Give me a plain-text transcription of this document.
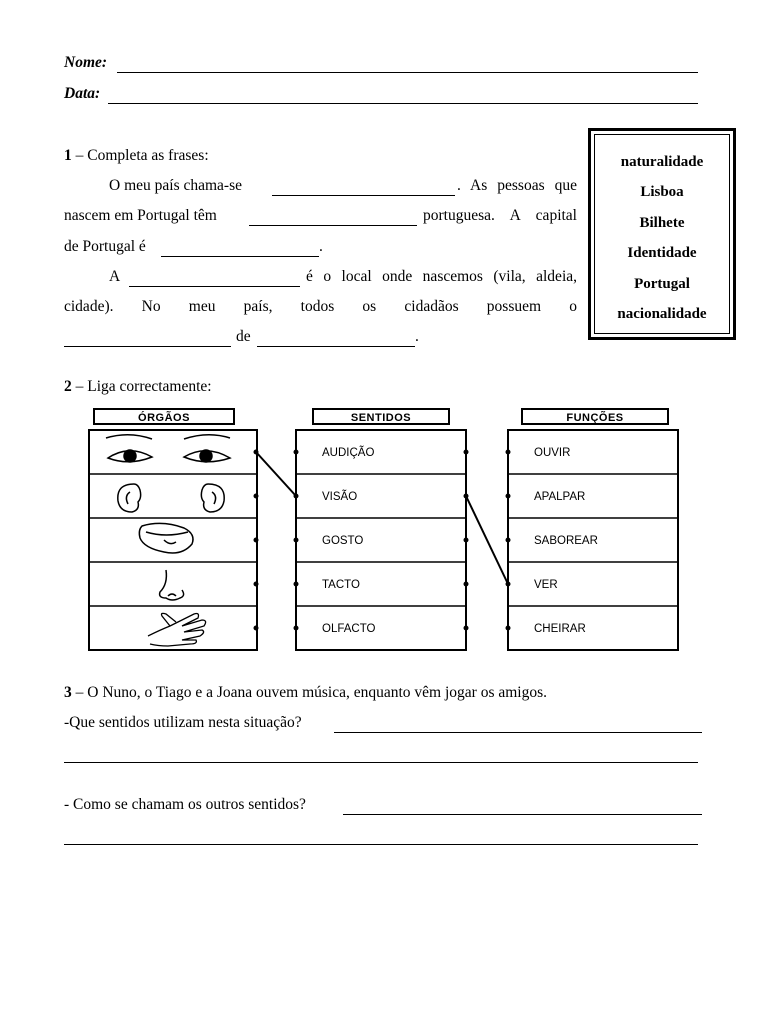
Nome:
Data:
1 – Completa as frases:
O meu país chama-se	. As pessoas que
nascem em Portugal têm	portuguesa. A capital
de Portugal é	.
A	é o local onde nascemos (vila, aldeia,
cidade). No meu país, todos os cidadãos possuem o
de	.
naturalidade
Lisboa
Bilhete
Identidade
Portugal
nacionalidade
2 – Liga correctamente:
ÓRGÃOS	SENTIDOS	FUNÇÕES
AUDIÇÃO
VISÃO
GOSTO
TACTO
OLFACTO
OUVIR
APALPAR
SABOREAR
VER
CHEIRAR
3 – O Nuno, o Tiago e a Joana ouvem música, enquanto vêm jogar os amigos.
-Que sentidos utilizam nesta situação?
- Como se chamam os outros sentidos?
